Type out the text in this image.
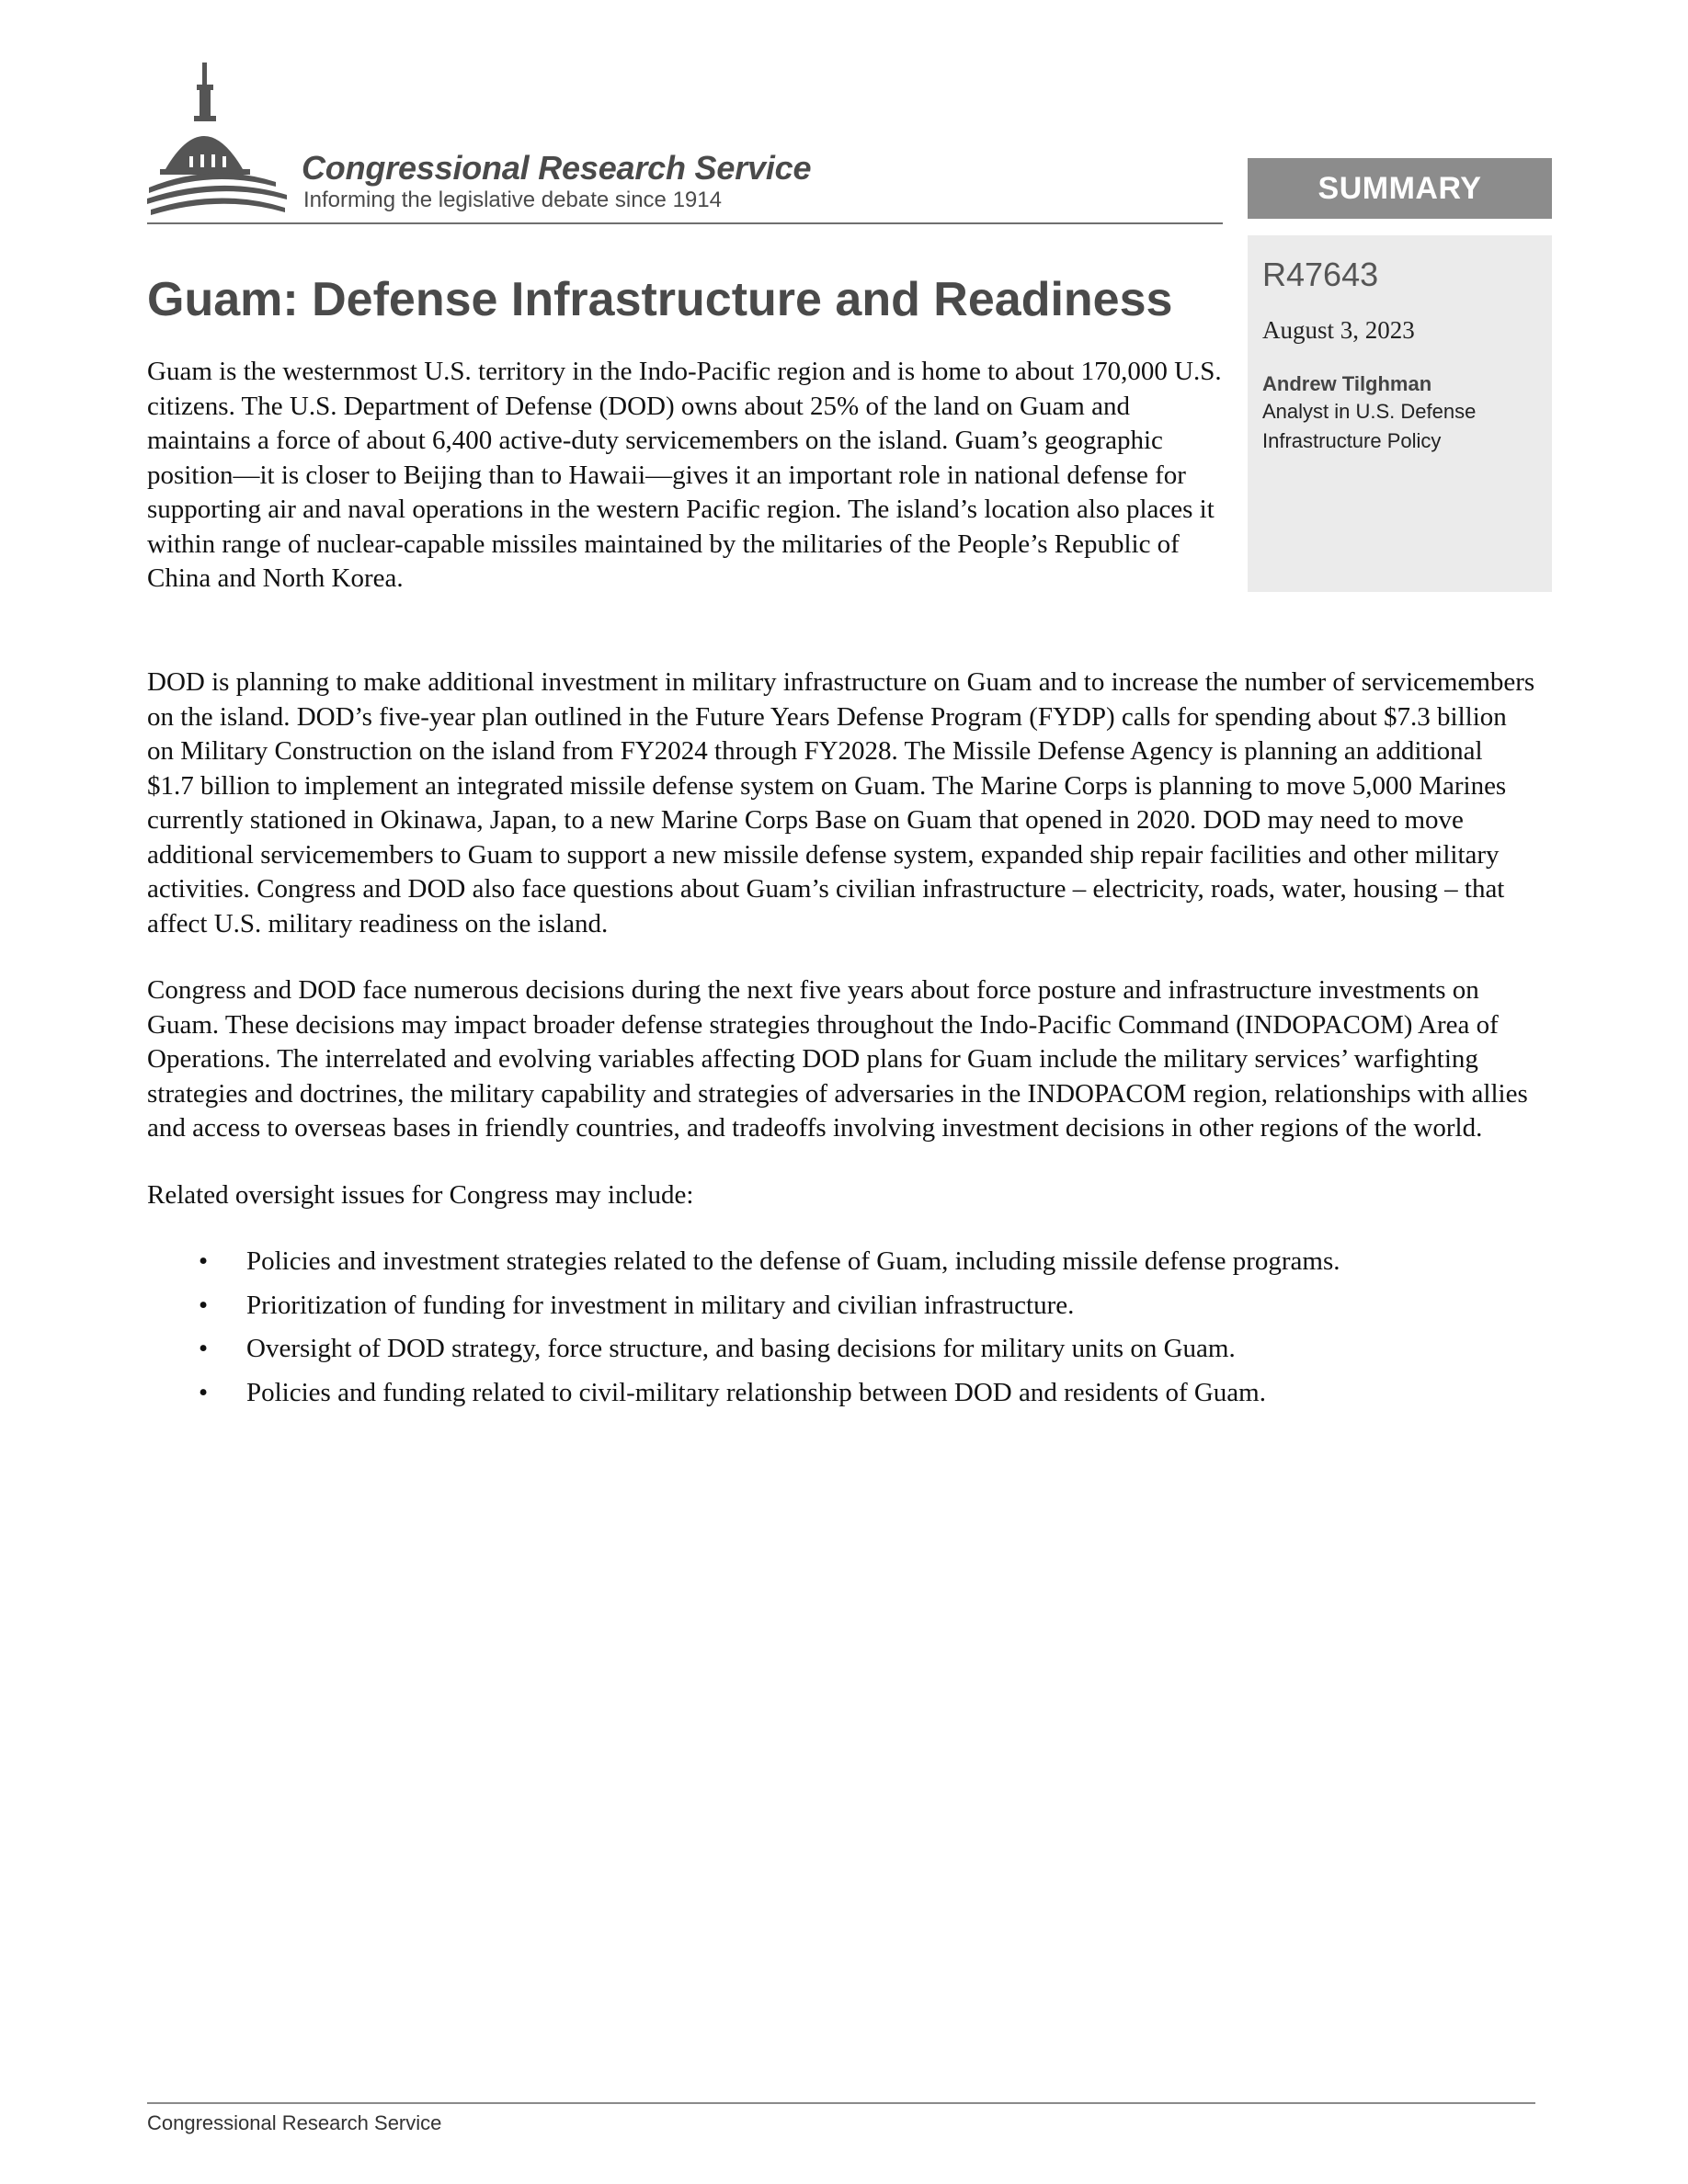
Congressional Research Service
Informing the legislative debate since 1914	SUMMARY
R47643
August 3, 2023
Andrew Tilghman
Analyst in U.S. Defense Infrastructure Policy
Guam: Defense Infrastructure and Readiness

Guam is the westernmost U.S. territory in the Indo-Pacific region and is home to about 170,000 U.S. citizens. The U.S. Department of Defense (DOD) owns about 25% of the land on Guam and maintains a force of about 6,400 active-duty servicemembers on the island. Guam’s geographic position—it is closer to Beijing than to Hawaii—gives it an important role in national defense for supporting air and naval operations in the western Pacific region. The island’s location also places it within range of nuclear-capable missiles maintained by the militaries of the People’s Republic of China and North Korea.

DOD is planning to make additional investment in military infrastructure on Guam and to increase the number of servicemembers on the island. DOD’s five-year plan outlined in the Future Years Defense Program (FYDP) calls for spending about $7.3 billion on Military Construction on the island from FY2024 through FY2028. The Missile Defense Agency is planning an additional $1.7 billion to implement an integrated missile defense system on Guam. The Marine Corps is planning to move 5,000 Marines currently stationed in Okinawa, Japan, to a new Marine Corps Base on Guam that opened in 2020. DOD may need to move additional servicemembers to Guam to support a new missile defense system, expanded ship repair facilities and other military activities. Congress and DOD also face questions about Guam’s civilian infrastructure – electricity, roads, water, housing – that affect U.S. military readiness on the island.

Congress and DOD face numerous decisions during the next five years about force posture and infrastructure investments on Guam. These decisions may impact broader defense strategies throughout the Indo-Pacific Command (INDOPACOM) Area of Operations. The interrelated and evolving variables affecting DOD plans for Guam include the military services’ warfighting strategies and doctrines, the military capability and strategies of adversaries in the INDOPACOM region, relationships with allies and access to overseas bases in friendly countries, and tradeoffs involving investment decisions in other regions of the world.

Related oversight issues for Congress may include:

• Policies and investment strategies related to the defense of Guam, including missile defense programs.
• Prioritization of funding for investment in military and civilian infrastructure.
• Oversight of DOD strategy, force structure, and basing decisions for military units on Guam.
• Policies and funding related to civil-military relationship between DOD and residents of Guam.
Congressional Research Service
